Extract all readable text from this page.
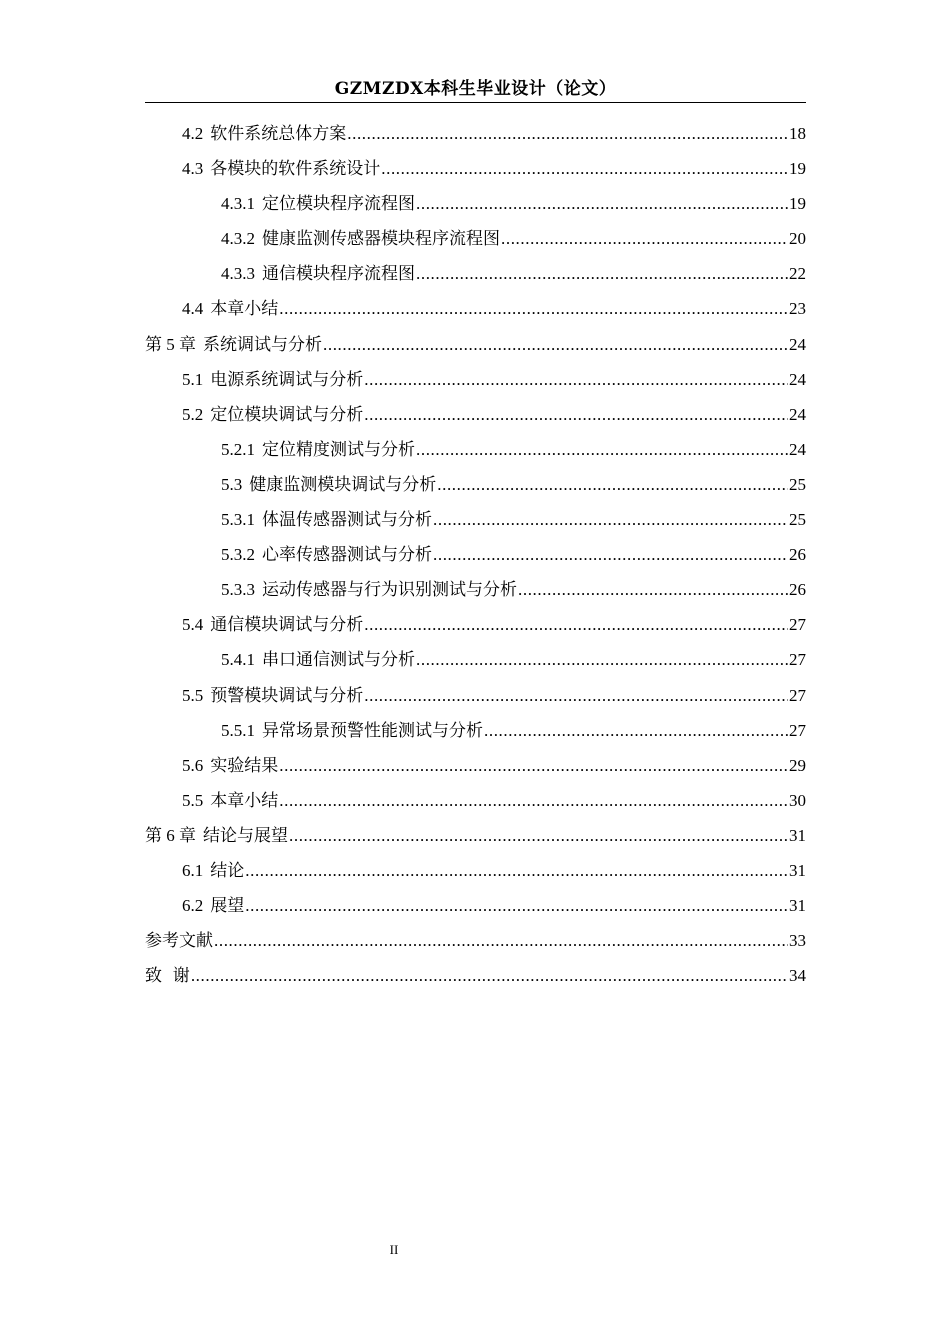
GZMZDX本科生毕业设计（论文）
4.2 软件系统总体方案 .....	18
4.3 各模块的软件系统设计 .....	19
4.3.1 定位模块程序流程图 .....	19
4.3.2 健康监测传感器模块程序流程图 .....	20
4.3.3 通信模块程序流程图 .....	22
4.4 本章小结 .....	23
第 5 章 系统调试与分析 .....	24
5.1 电源系统调试与分析 .....	24
5.2 定位模块调试与分析 .....	24
5.2.1 定位精度测试与分析 .....	24
5.3 健康监测模块调试与分析 .....	25
5.3.1 体温传感器测试与分析 .....	25
5.3.2 心率传感器测试与分析 .....	26
5.3.3 运动传感器与行为识别测试与分析 .....	26
5.4 通信模块调试与分析 .....	27
5.4.1 串口通信测试与分析 .....	27
5.5 预警模块调试与分析 .....	27
5.5.1 异常场景预警性能测试与分析 .....	27
5.6 实验结果 .....	29
5.5 本章小结 .....	30
第 6 章 结论与展望 .....	31
6.1 结论 .....	31
6.2 展望 .....	31
参考文献 .....	33
致  谢 .....	34
II
